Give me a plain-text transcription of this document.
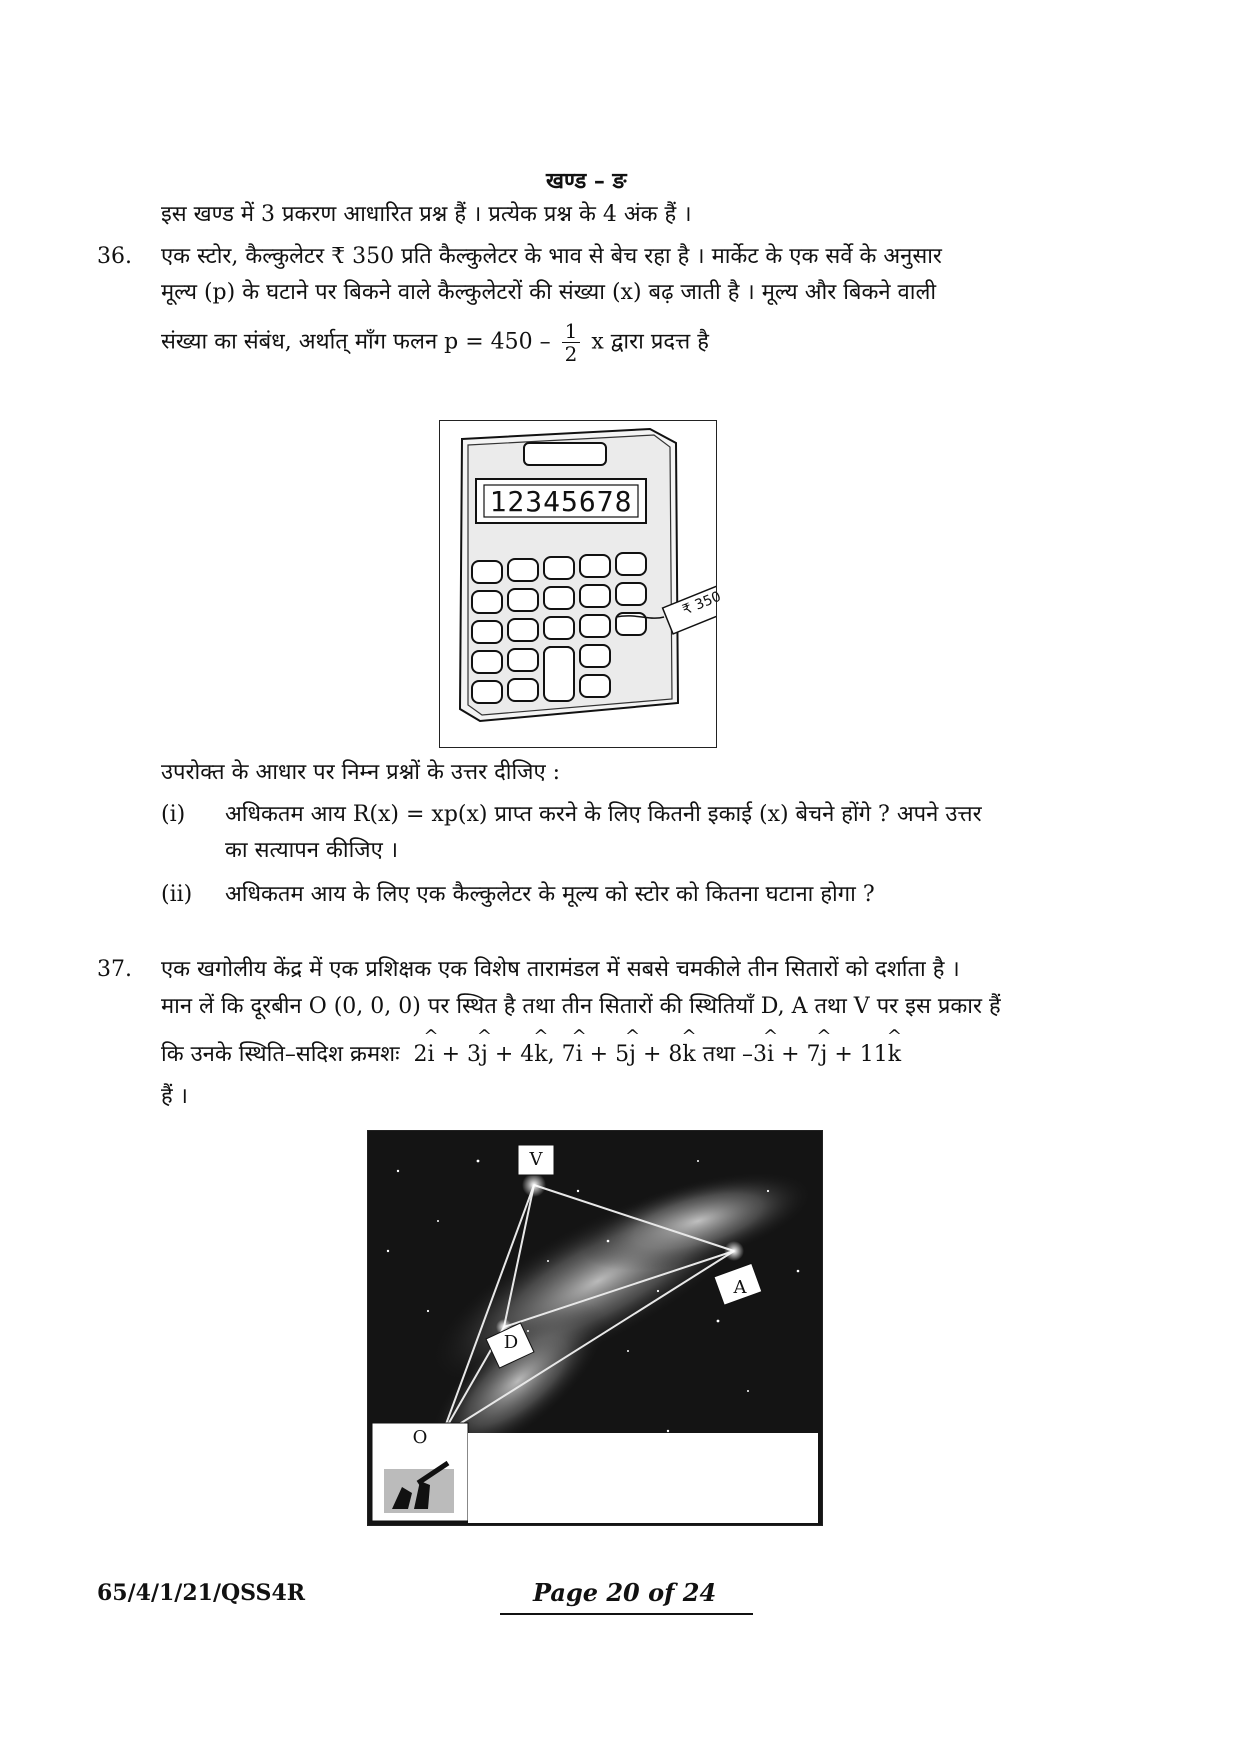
खण्ड – ङ
इस खण्ड में 3 प्रकरण आधारित प्रश्न हैं । प्रत्येक प्रश्न के 4 अंक हैं ।
36. एक स्टोर, कैल्कुलेटर ₹ 350 प्रति कैल्कुलेटर के भाव से बेच रहा है । मार्केट के एक सर्वे के अनुसार
मूल्य (p) के घटाने पर बिकने वाले कैल्कुलेटरों की संख्या (x) बढ़ जाती है । मूल्य और बिकने वाली
संख्या का संबंध, अर्थात् माँग फलन $p = 450 - \frac{1}{2}$ x द्वारा प्रदत्त है
12345678
₹ 350
उपरोक्त के आधार पर निम्न प्रश्नों के उत्तर दीजिए :
(i) अधिकतम आय R(x) = xp(x) प्राप्त करने के लिए कितनी इकाई (x) बेचने होंगे ? अपने उत्तर
का सत्यापन कीजिए ।
(ii) अधिकतम आय के लिए एक कैल्कुलेटर के मूल्य को स्टोर को कितना घटाना होगा ?
37. एक खगोलीय केंद्र में एक प्रशिक्षक एक विशेष तारामंडल में सबसे चमकीले तीन सितारों को दर्शाता है ।
मान लें कि दूरबीन O (0, 0, 0) पर स्थित है तथा तीन सितारों की स्थितियाँ D, A तथा V पर इस प्रकार हैं
कि उनके स्थिति–सदिश क्रमशः 2^ i + 3^ j + 4^ k, 7^ i + 5^ j + 8^ k तथा –3^ i + 7^ j + 11^ k
हैं ।
V
A
D
O
65/4/1/21/QSS4R	Page 20 of 24
